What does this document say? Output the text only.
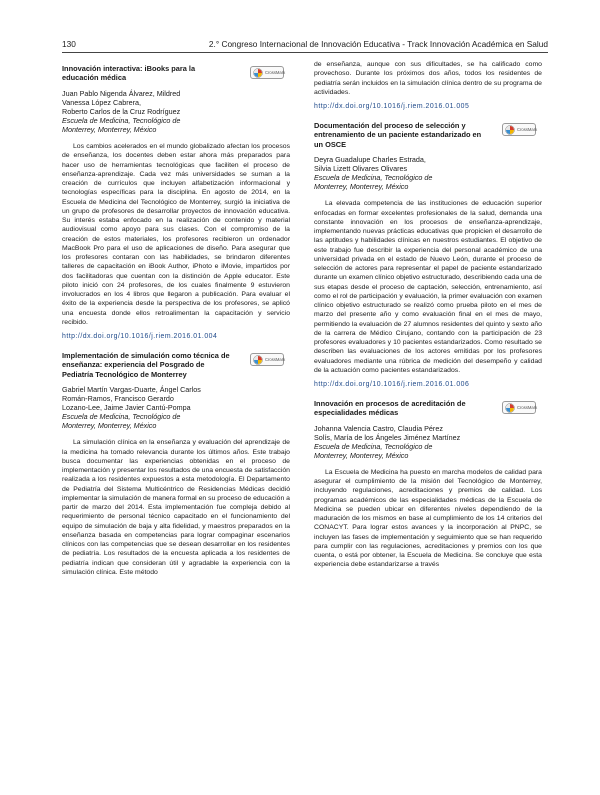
130	2.° Congreso Internacional de Innovación Educativa - Track Innovación Académica en Salud
Innovación interactiva: iBooks para la educación médica
CrossMark

Juan Pablo Nigenda Álvarez, Mildred

Vanessa López Cabrera,

Roberto Carlos de la Cruz Rodríguez

Escuela de Medicina, Tecnológico de

Monterrey, Monterrey, México

Los cambios acelerados en el mundo globalizado afectan los procesos de enseñanza, los docentes deben estar ahora más preparados para hacer uso de herramientas tecnológicas que faciliten el proceso de enseñanza-aprendizaje. Cada vez más universidades se suman a la creación de currículos que incluyen alfabetización informacional y tecnologías específicas para la disciplina. En agosto de 2014, en la Escuela de Medicina del Tecnológico de Monterrey, surgió la iniciativa de un grupo de profesores de desarrollar proyectos de innovación educativa. Su interés estaba enfocado en la realización de contenido y material audiovisual como apoyo para sus clases. Con el compromiso de la creación de estos materiales, los profesores recibieron un ordenador MacBook Pro para el uso de aplicaciones de diseño. Para asegurar que los profesores contaran con las habilidades, se brindaron diferentes talleres de capacitación en iBook Author, iPhoto e iMovie, impartidos por dos facilitadoras que cuentan con la distinción de Apple educator. Este piloto inició con 24 profesores, de los cuales finalmente 9 estuvieron involucrados en los 4 libros que llegaron a publicación. Para evaluar el éxito de la experiencia desde la perspectiva de los profesores, se aplicó una encuesta donde ellos retroalimentan la capacitación y servicio recibido.

http://dx.doi.org/10.1016/j.riem.2016.01.004
Implementación de simulación como técnica de enseñanza: experiencia del Posgrado de Pediatría Tecnológico de Monterrey
CrossMark

Gabriel Martín Vargas-Duarte, Ángel Carlos

Román-Ramos, Francisco Gerardo

Lozano-Lee, Jaime Javier Cantú-Pompa

Escuela de Medicina, Tecnológico de

Monterrey, Monterrey, México

La simulación clínica en la enseñanza y evaluación del aprendizaje de la medicina ha tomado relevancia durante los últimos años. Este trabajo busca documentar las experiencias obtenidas en el proceso de implementación y presentar los resultados de una encuesta de satisfacción realizada a los residentes expuestos a esta metodología. El Departamento de Pediatría del Sistema Multicéntrico de Residencias Médicas decidió implementar la simulación de manera formal en su proceso de educación a partir de marzo del 2014. Esta implementación fue compleja debido al requerimiento de personal técnico capacitado en el funcionamiento del equipo de simulación de baja y alta fidelidad, y maestros preparados en la enseñanza basada en competencias para lograr compaginar escenarios clínicos con las competencias que se desean desarrollar en los residentes de pediatría. Los resultados de la encuesta aplicada a los residentes de pediatría indican que consideran útil y agradable la experiencia con la simulación clínica. Este método

de enseñanza, aunque con sus dificultades, se ha calificado como provechoso. Durante los próximos dos años, todos los residentes de pediatría serán incluidos en la simulación clínica dentro de su programa de actividades.

http://dx.doi.org/10.1016/j.riem.2016.01.005
Documentación del proceso de selección y entrenamiento de un paciente estandarizado en un OSCE
CrossMark

Deyra Guadalupe Charles Estrada,

Silvia Lizett Olivares Olivares

Escuela de Medicina, Tecnológico de

Monterrey, Monterrey, México

La elevada competencia de las instituciones de educación superior enfocadas en formar excelentes profesionales de la salud, demanda una constante innovación en los procesos de enseñanza-aprendizaje, implementando nuevas prácticas educativas que propicien el desarrollo de las aptitudes y habilidades clínicas en nuestros estudiantes. El objetivo de este trabajo fue describir la experiencia del personal académico de una universidad privada en el estado de Nuevo León, durante el proceso de selección de actores para representar el papel de paciente estandarizado durante un examen clínico objetivo estructurado, describiendo cada una de sus etapas desde el proceso de captación, selección, entrenamiento, así como el rol de participación y evaluación, la primer evaluación con examen clínico objetivo estructurado se realizó como prueba piloto en el mes de marzo del presente año y como evaluación final en el mes de mayo, permitiendo la evaluación de 27 alumnos residentes del quinto y sexto año de la carrera de Médico Cirujano, contando con la participación de 23 profesores evaluadores y 10 pacientes estandarizados. Como resultado se describen las evaluaciones de los actores emitidas por los profesores evaluadores mediante una rúbrica de medición del desempeño y calidad de la actuación como pacientes estandarizados.

http://dx.doi.org/10.1016/j.riem.2016.01.006
Innovación en procesos de acreditación de especialidades médicas
CrossMark

Johanna Valencia Castro, Claudia Pérez

Solís, María de los Ángeles Jiménez Martínez

Escuela de Medicina, Tecnológico de

Monterrey, Monterrey, México

La Escuela de Medicina ha puesto en marcha modelos de calidad para asegurar el cumplimiento de la misión del Tecnológico de Monterrey, incluyendo regulaciones, acreditaciones y premios de calidad. Los programas académicos de las especialidades médicas de la Escuela de Medicina se pueden ubicar en diferentes niveles dependiendo de la maduración de los mismos en base al cumplimiento de los 14 criterios del CONACYT. Para lograr estos avances y la incorporación al PNPC, se incluyen las fases de implementación y seguimiento que se han requerido para cumplir con las regulaciones, acreditaciones y premios con los que cuenta, o está por obtener, la Escuela de Medicina. Se concluye que esta experiencia debe estandarizarse a través
